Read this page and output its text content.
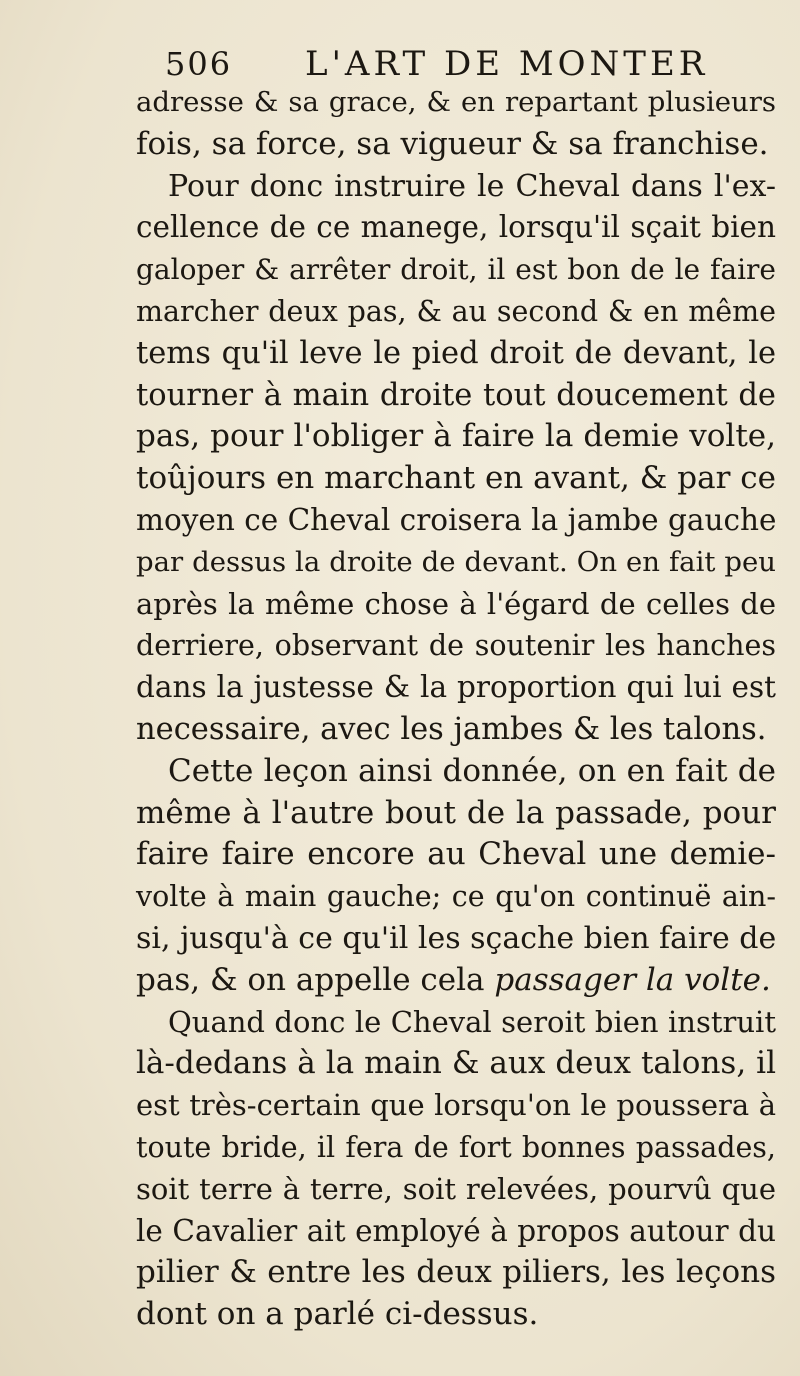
506	L'ART DE MONTER

adresse & sa grace, & en repartant plusieurs
fois, sa force, sa vigueur & sa franchise.

Pour donc instruire le Cheval dans l'ex-
cellence de ce manege, lorsqu'il sçait bien
galoper & arrêter droit, il est bon de le faire
marcher deux pas, & au second & en même
tems qu'il leve le pied droit de devant, le
tourner à main droite tout doucement de
pas, pour l'obliger à faire la demie volte,
toûjours en marchant en avant, & par ce
moyen ce Cheval croisera la jambe gauche
par dessus la droite de devant. On en fait peu
après la même chose à l'égard de celles de
derriere, observant de soutenir les hanches
dans la justesse & la proportion qui lui est
necessaire, avec les jambes & les talons.

Cette leçon ainsi donnée, on en fait de
même à l'autre bout de la passade, pour
faire faire encore au Cheval une demie-
volte à main gauche; ce qu'on continuë ain-
si, jusqu'à ce qu'il les sçache bien faire de
pas, & on appelle cela passager la volte.

Quand donc le Cheval seroit bien instruit
là-dedans à la main & aux deux talons, il
est très-certain que lorsqu'on le poussera à
toute bride, il fera de fort bonnes passades,
soit terre à terre, soit relevées, pourvû que
le Cavalier ait employé à propos autour du
pilier & entre les deux piliers, les leçons
dont on a parlé ci-dessus.
